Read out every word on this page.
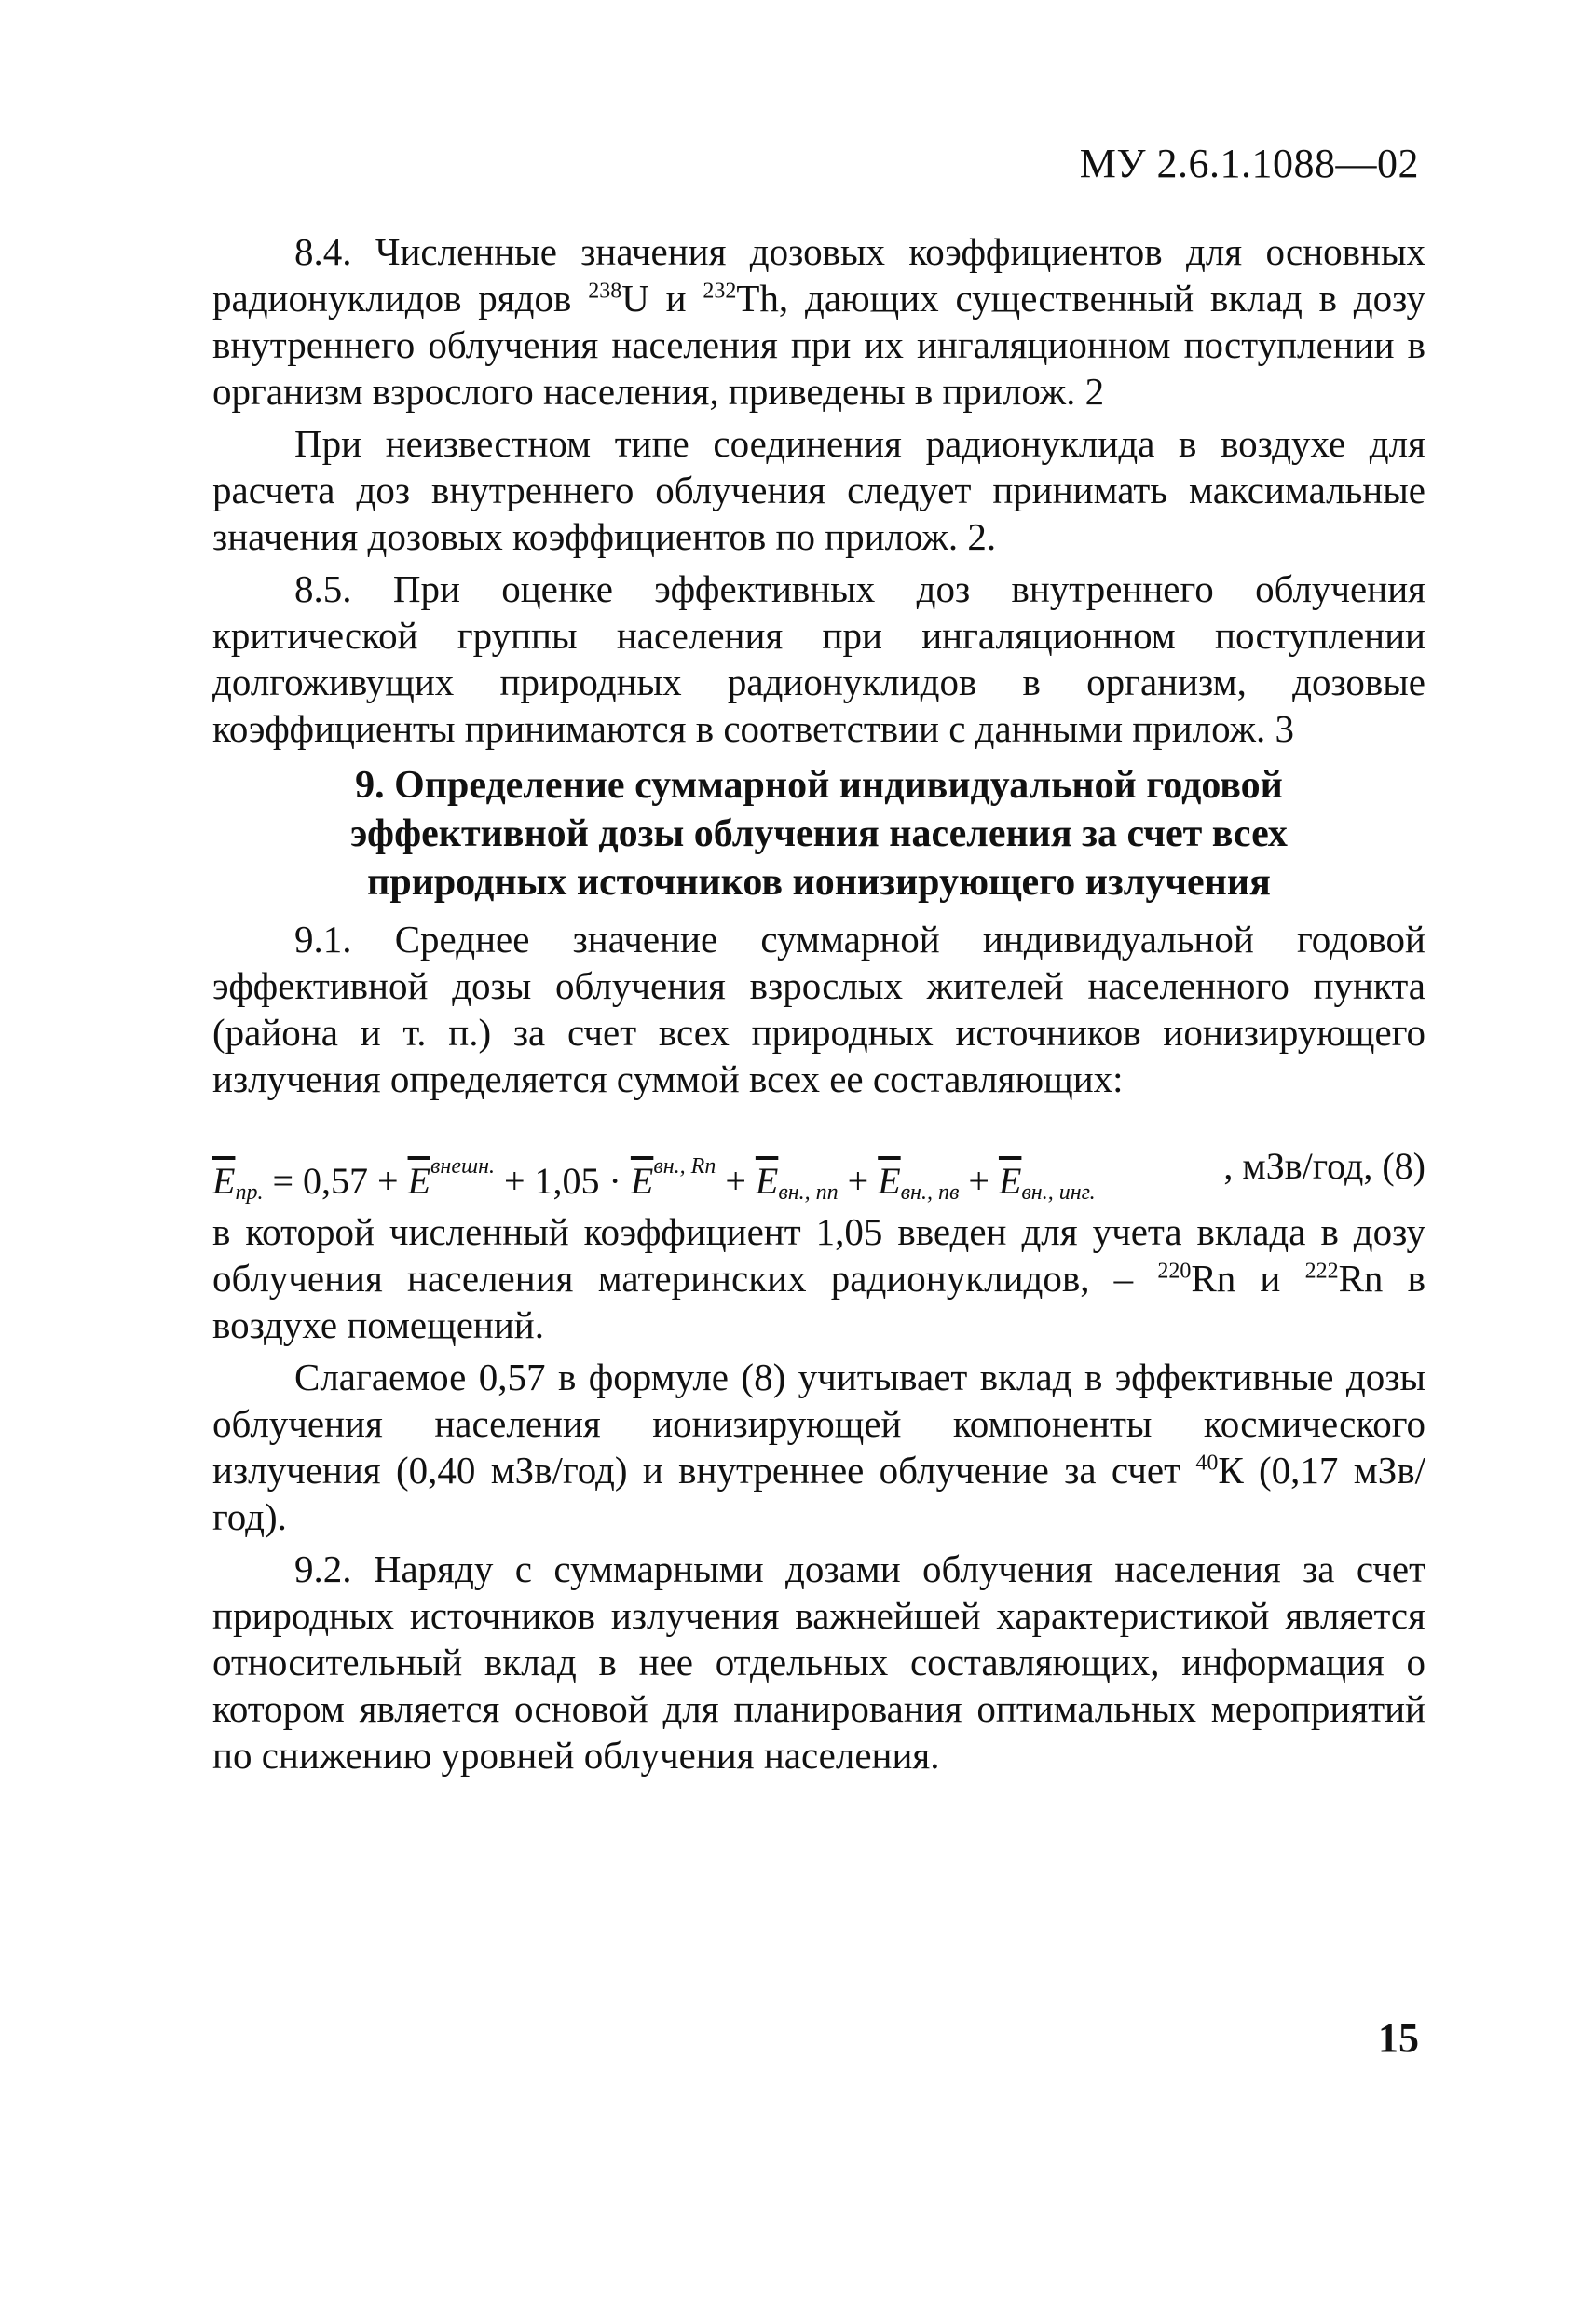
МУ 2.6.1.1088—02

8.4. Численные значения дозовых коэффициентов для основных радионуклидов рядов $^{238}$U и $^{232}$Th, дающих существенный вклад в дозу внутреннего облучения населения при их ингаляционном поступлении в организм взрослого населения, приведены в прилож. 2

При неизвестном типе соединения радионуклида в воздухе для расчета доз внутреннего облучения следует принимать максимальные значения дозовых коэффициентов по прилож. 2.

8.5. При оценке эффективных доз внутреннего облучения критической группы населения при ингаляционном поступлении долгоживущих природных радионуклидов в организм, дозовые коэффициенты принимаются в соответствии с данными прилож. 3

9. Определение суммарной индивидуальной годовой
эффективной дозы облучения населения за счет всех
природных источников ионизирующего излучения

9.1. Среднее значение суммарной индивидуальной годовой эффективной дозы облучения взрослых жителей населенного пункта (района и т. п.) за счет всех природных источников ионизирующего излучения определяется суммой всех ее составляющих:

$\overline{E}_{пр.} = 0,57 + \overline{E}^{внешн.} + 1,05 \cdot \overline{E}^{вн., Rn} + \overline{E}_{вн., пп} + \overline{E}_{вн., пв} + \overline{E}_{вн., инг.}$
, мЗв/год, (8)

в которой численный коэффициент 1,05 введен для учета вклада в дозу облучения населения материнских радионуклидов, – $^{220}$Rn и $^{222}$Rn в воздухе помещений.

Слагаемое 0,57 в формуле (8) учитывает вклад в эффективные дозы облучения населения ионизирующей компоненты космического излучения (0,40 мЗв/год) и внутреннее облучение за счет $^{40}$К (0,17 мЗв/год).

9.2. Наряду с суммарными дозами облучения населения за счет природных источников излучения важнейшей характеристикой является относительный вклад в нее отдельных составляющих, информация о котором является основой для планирования оптимальных мероприятий по снижению уровней облучения населения.

15
